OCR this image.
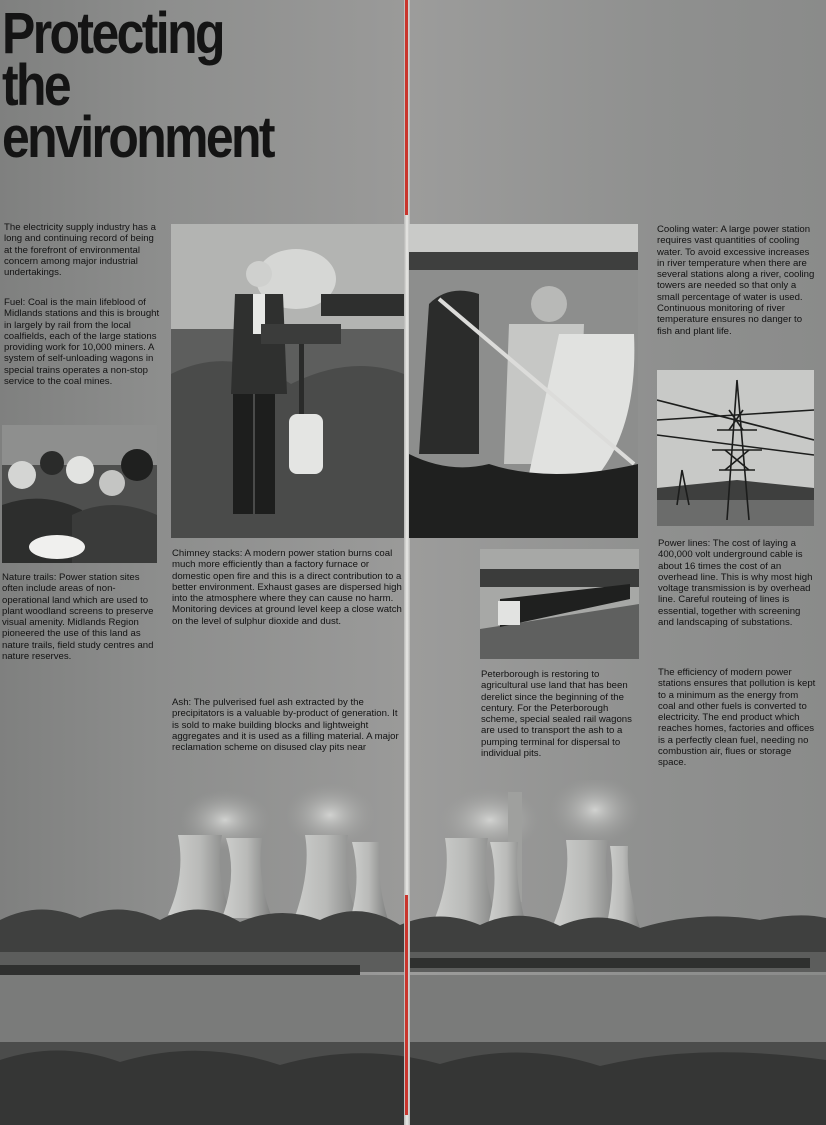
Protecting
the
environment

The electricity supply industry has a long and continuing record of being at the forefront of environmental concern among major industrial undertakings.

Fuel: Coal is the main lifeblood of Midlands stations and this is brought in largely by rail from the local coalfields, each of the large stations providing work for 10,000 miners. A system of self-unloading wagons in special trains operates a non-stop service to the coal mines.

Nature trails: Power station sites often include areas of non-operational land which are used to plant woodland screens to preserve visual amenity. Midlands Region pioneered the use of this land as nature trails, field study centres and nature reserves.

Chimney stacks: A modern power station burns coal much more efficiently than a factory furnace or domestic open fire and this is a direct contribution to a better environment. Exhaust gases are dispersed high into the atmosphere where they can cause no harm. Monitoring devices at ground level keep a close watch on the level of sulphur dioxide and dust.

Ash: The pulverised fuel ash extracted by the precipitators is a valuable by-product of generation. It is sold to make building blocks and lightweight aggregates and it is used as a filling material. A major reclamation scheme on disused clay pits near

Peterborough is restoring to agricultural use land that has been derelict since the beginning of the century. For the Peterborough scheme, special sealed rail wagons are used to transport the ash to a pumping terminal for dispersal to individual pits.

Cooling water: A large power station requires vast quantities of cooling water. To avoid excessive increases in river temperature when there are several stations along a river, cooling towers are needed so that only a small percentage of water is used. Continuous monitoring of river temperature ensures no danger to fish and plant life.

Power lines: The cost of laying a 400,000 volt underground cable is about 16 times the cost of an overhead line. This is why most high voltage transmission is by overhead line. Careful routeing of lines is essential, together with screening and landscaping of substations.

The efficiency of modern power stations ensures that pollution is kept to a minimum as the energy from coal and other fuels is converted to electricity. The end product which reaches homes, factories and offices is a perfectly clean fuel, needing no combustion air, flues or storage space.
